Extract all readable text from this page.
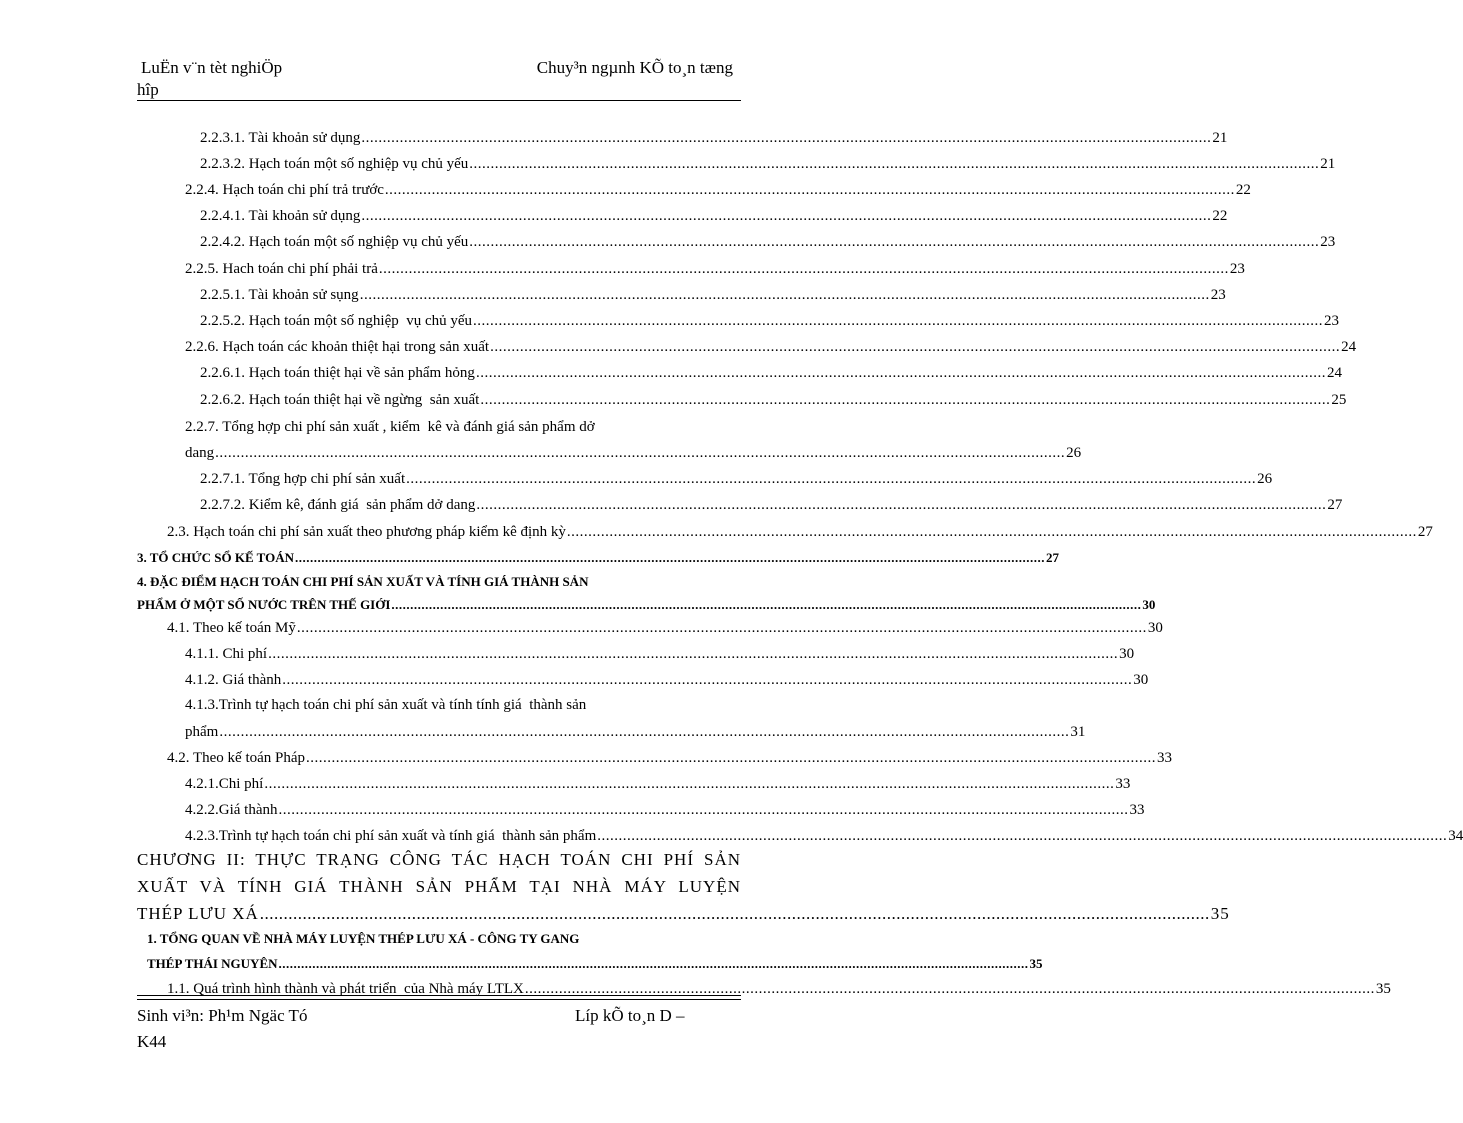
LuËn v¨n tèt nghiÖp	Chuy³n ngµnh KÕ to¸n tæng
hîp
2.2.3.1. Tài khoản sử dụng ........................................................................................................................................................................................................ 21
2.2.3.2. Hạch toán một số nghiệp vụ chủ yếu ........................................................................................................................................................................................................ 21
2.2.4. Hạch toán chi phí trả trước ........................................................................................................................................................................................................ 22
2.2.4.1. Tài khoản sử dụng ........................................................................................................................................................................................................ 22
2.2.4.2. Hạch toán một số nghiệp vụ chủ yếu ........................................................................................................................................................................................................ 23
2.2.5. Hach toán chi phí phải trả ........................................................................................................................................................................................................ 23
2.2.5.1. Tài khoản sử sụng ........................................................................................................................................................................................................ 23
2.2.5.2. Hạch toán một số nghiệp  vụ chủ yếu ........................................................................................................................................................................................................ 23
2.2.6. Hạch toán các khoản thiệt hại trong sản xuất ........................................................................................................................................................................................................ 24
2.2.6.1. Hạch toán thiệt hại về sản phẩm hỏng ........................................................................................................................................................................................................ 24
2.2.6.2. Hạch toán thiệt hại về ngừng  sản xuất ........................................................................................................................................................................................................ 25
2.2.7. Tổng hợp chi phí sản xuất , kiểm  kê và đánh giá sản phẩm dở
dang ........................................................................................................................................................................................................ 26
2.2.7.1. Tổng hợp chi phí sản xuất ........................................................................................................................................................................................................ 26
2.2.7.2. Kiểm kê, đánh giá  sản phẩm dở dang ........................................................................................................................................................................................................ 27
2.3. Hạch toán chi phí sản xuất theo phương pháp kiểm kê định kỳ ........................................................................................................................................................................................................ 27
3. TỔ CHỨC SỔ KẾ TOÁN ........................................................................................................................................................................................................ 27
4. ĐẶC ĐIỂM HẠCH TOÁN CHI PHÍ SẢN XUẤT VÀ TÍNH GIÁ THÀNH SẢN
PHẨM Ở MỘT SỐ NƯỚC TRÊN THẾ GIỚI ........................................................................................................................................................................................................ 30
4.1. Theo kế toán Mỹ ........................................................................................................................................................................................................ 30
4.1.1. Chi phí ........................................................................................................................................................................................................ 30
4.1.2. Giá thành ........................................................................................................................................................................................................ 30
4.1.3.Trình tự hạch toán chi phí sản xuất và tính tính giá  thành sản
phẩm ........................................................................................................................................................................................................ 31
4.2. Theo kế toán Pháp ........................................................................................................................................................................................................ 33
4.2.1.Chi phí ........................................................................................................................................................................................................ 33
4.2.2.Giá thành ........................................................................................................................................................................................................ 33
4.2.3.Trình tự hạch toán chi phí sản xuất và tính giá  thành sản phẩm ........................................................................................................................................................................................................ 34
CHƯƠNG II: THỰC TRẠNG CÔNG TÁC HẠCH TOÁN CHI PHÍ SẢN
XUẤT VÀ TÍNH GIÁ THÀNH SẢN PHẨM TẠI NHÀ MÁY LUYỆN
THÉP LƯU XÁ ........................................................................................................................................................................................................ 35
1. TỔNG QUAN VỀ NHÀ MÁY LUYỆN THÉP LƯU XÁ - CÔNG TY GANG
THÉP THÁI NGUYÊN ........................................................................................................................................................................................................ 35
1.1. Quá trình hình thành và phát triển  của Nhà máy LTLX ........................................................................................................................................................................................................ 35
Sinh vi³n: Ph¹m Ngäc Tó	Líp kÕ to¸n D –
K44
